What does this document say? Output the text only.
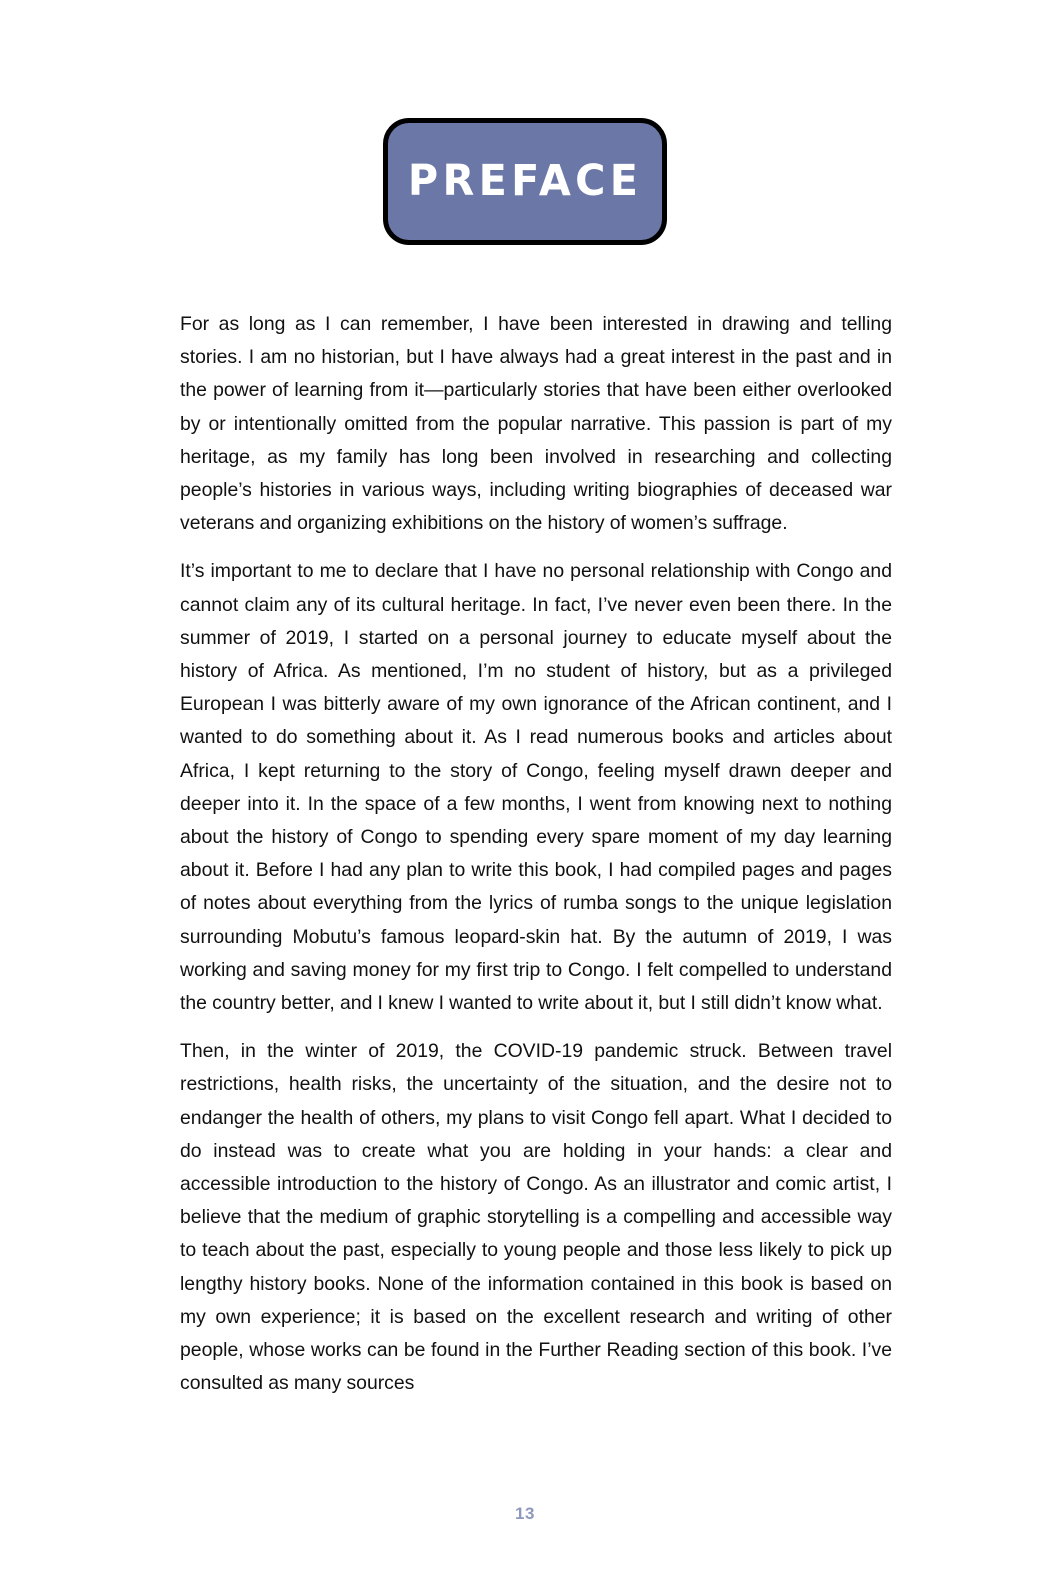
PREFACE

For as long as I can remember, I have been interested in drawing and telling stories. I am no historian, but I have always had a great interest in the past and in the power of learning from it—particularly stories that have been either overlooked by or intentionally omitted from the popular narrative. This passion is part of my heritage, as my family has long been involved in researching and collecting people’s histories in various ways, including writing biographies of deceased war veterans and organizing exhibitions on the history of women’s suffrage.

It’s important to me to declare that I have no personal relationship with Congo and cannot claim any of its cultural heritage. In fact, I’ve never even been there. In the summer of 2019, I started on a personal journey to educate myself about the history of Africa. As mentioned, I’m no student of history, but as a privileged European I was bitterly aware of my own ignorance of the African continent, and I wanted to do something about it. As I read numerous books and articles about Africa, I kept returning to the story of Congo, feeling myself drawn deeper and deeper into it. In the space of a few months, I went from knowing next to nothing about the history of Congo to spending every spare moment of my day learning about it. Before I had any plan to write this book, I had compiled pages and pages of notes about everything from the lyrics of rumba songs to the unique legislation surrounding Mobutu’s famous leopard-skin hat. By the autumn of 2019, I was working and saving money for my first trip to Congo. I felt compelled to understand the country better, and I knew I wanted to write about it, but I still didn’t know what.

Then, in the winter of 2019, the COVID-19 pandemic struck. Between travel restrictions, health risks, the uncertainty of the situation, and the desire not to endanger the health of others, my plans to visit Congo fell apart. What I decided to do instead was to create what you are holding in your hands: a clear and accessible introduction to the history of Congo. As an illustrator and comic artist, I believe that the medium of graphic storytelling is a compelling and accessible way to teach about the past, especially to young people and those less likely to pick up lengthy history books. None of the information contained in this book is based on my own experience; it is based on the excellent research and writing of other people, whose works can be found in the Further Reading section of this book. I’ve consulted as many sources

13
